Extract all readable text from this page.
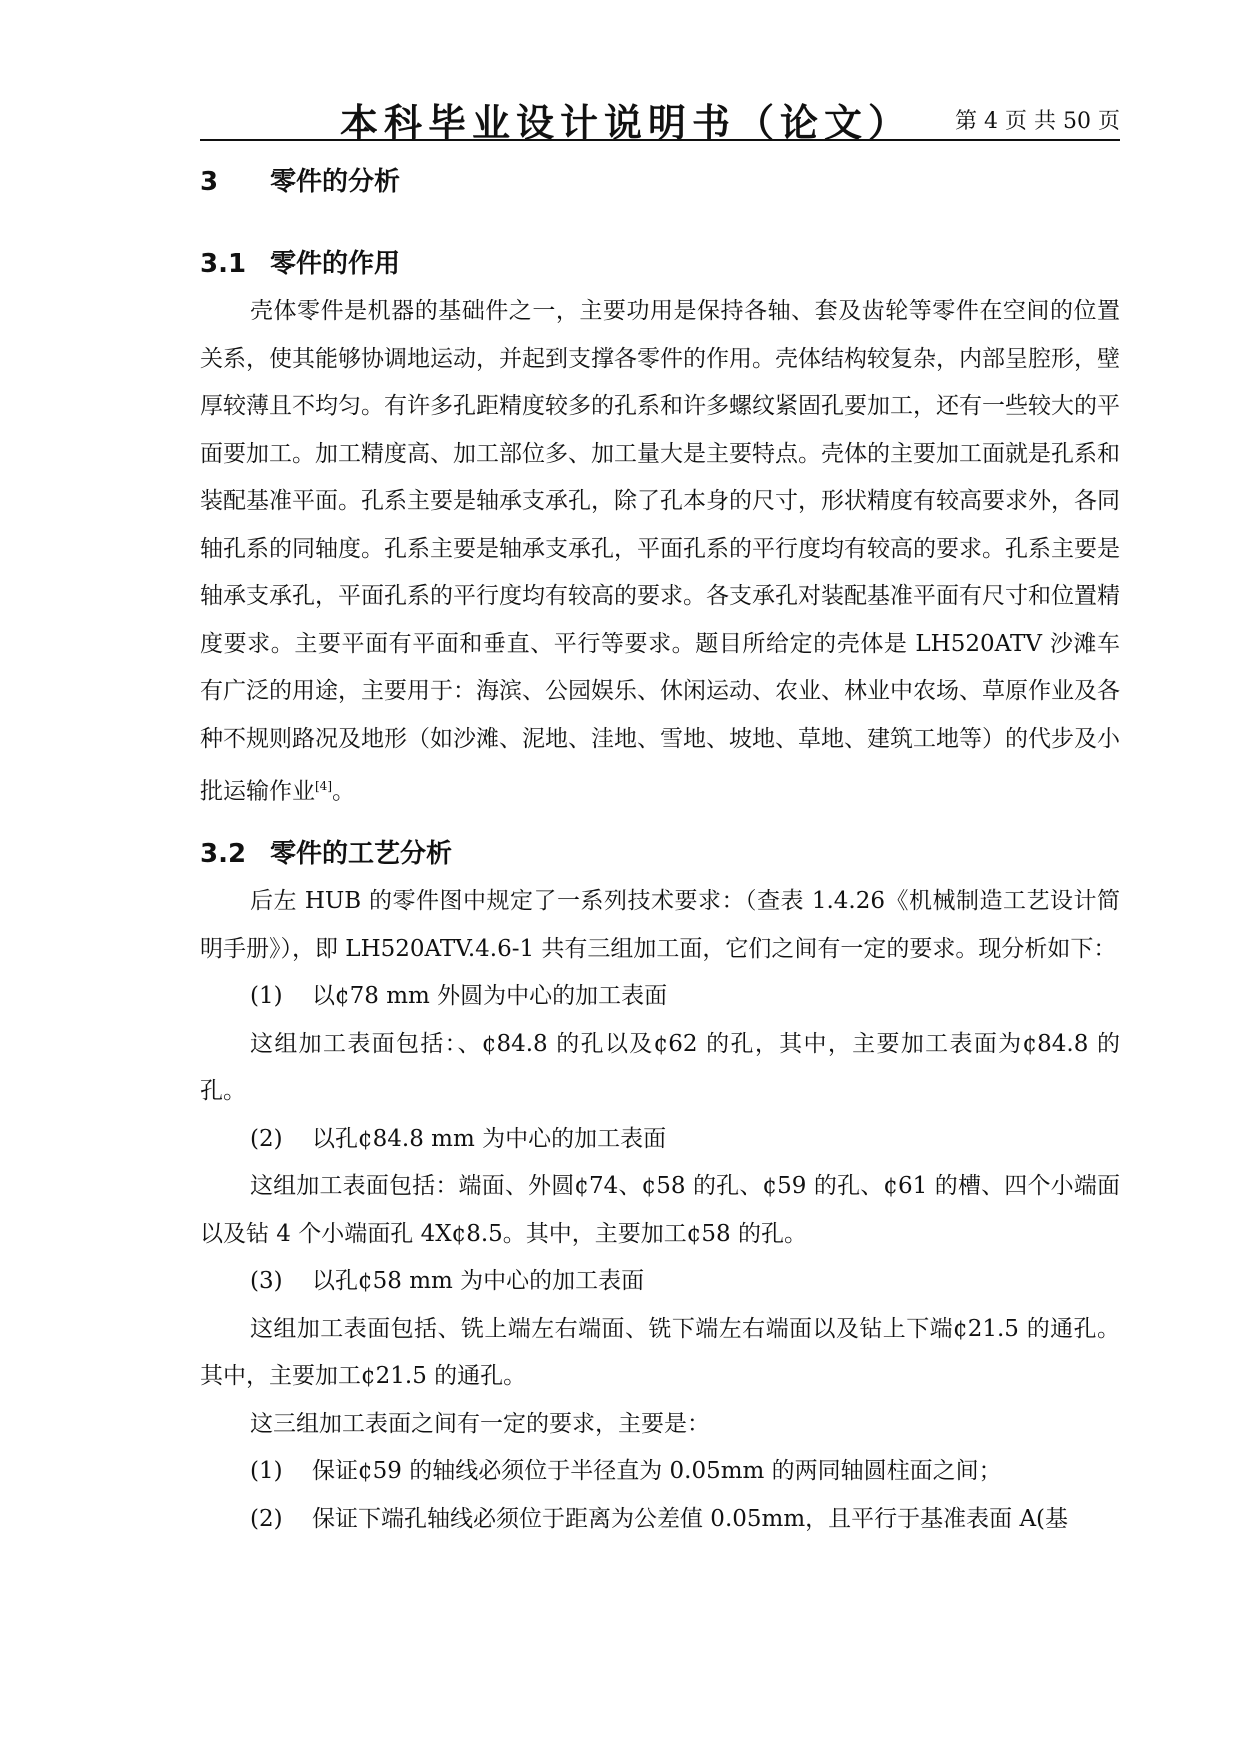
本科毕业设计说明书（论文） 第 4 页 共 50 页
3 零件的分析
3.1 零件的作用

壳体零件是机器的基础件之一，主要功用是保持各轴、套及齿轮等零件在空间的位置关系，使其能够协调地运动，并起到支撑各零件的作用。壳体结构较复杂，内部呈腔形，壁厚较薄且不均匀。有许多孔距精度较多的孔系和许多螺纹紧固孔要加工，还有一些较大的平面要加工。加工精度高、加工部位多、加工量大是主要特点。壳体的主要加工面就是孔系和装配基准平面。孔系主要是轴承支承孔，除了孔本身的尺寸，形状精度有较高要求外，各同轴孔系的同轴度。孔系主要是轴承支承孔，平面孔系的平行度均有较高的要求。孔系主要是轴承支承孔，平面孔系的平行度均有较高的要求。各支承孔对装配基准平面有尺寸和位置精度要求。主要平面有平面和垂直、平行等要求。题目所给定的壳体是 LH520ATV 沙滩车有广泛的用途，主要用于：海滨、公园娱乐、休闲运动、农业、林业中农场、草原作业及各种不规则路况及地形（如沙滩、泥地、洼地、雪地、坡地、草地、建筑工地等）的代步及小批运输作业[4]。

3.2 零件的工艺分析

后左 HUB 的零件图中规定了一系列技术要求：（查表 1.4.26《机械制造工艺设计简明手册》），即 LH520ATV.4.6-1 共有三组加工面，它们之间有一定的要求。现分析如下：

(1) 以¢78 mm 外圆为中心的加工表面

这组加工表面包括：、¢84.8 的孔以及¢62 的孔，其中，主要加工表面为¢84.8 的孔。

(2) 以孔¢84.8 mm 为中心的加工表面

这组加工表面包括：端面、外圆¢74、¢58 的孔、¢59 的孔、¢61 的槽、四个小端面以及钻 4 个小端面孔 4X¢8.5。其中，主要加工¢58 的孔。

(3) 以孔¢58 mm 为中心的加工表面

这组加工表面包括、铣上端左右端面、铣下端左右端面以及钻上下端¢21.5 的通孔。其中，主要加工¢21.5 的通孔。

这三组加工表面之间有一定的要求，主要是：

(1) 保证¢59 的轴线必须位于半径直为 0.05mm 的两同轴圆柱面之间；

(2) 保证下端孔轴线必须位于距离为公差值 0.05mm，且平行于基准表面 A(基
